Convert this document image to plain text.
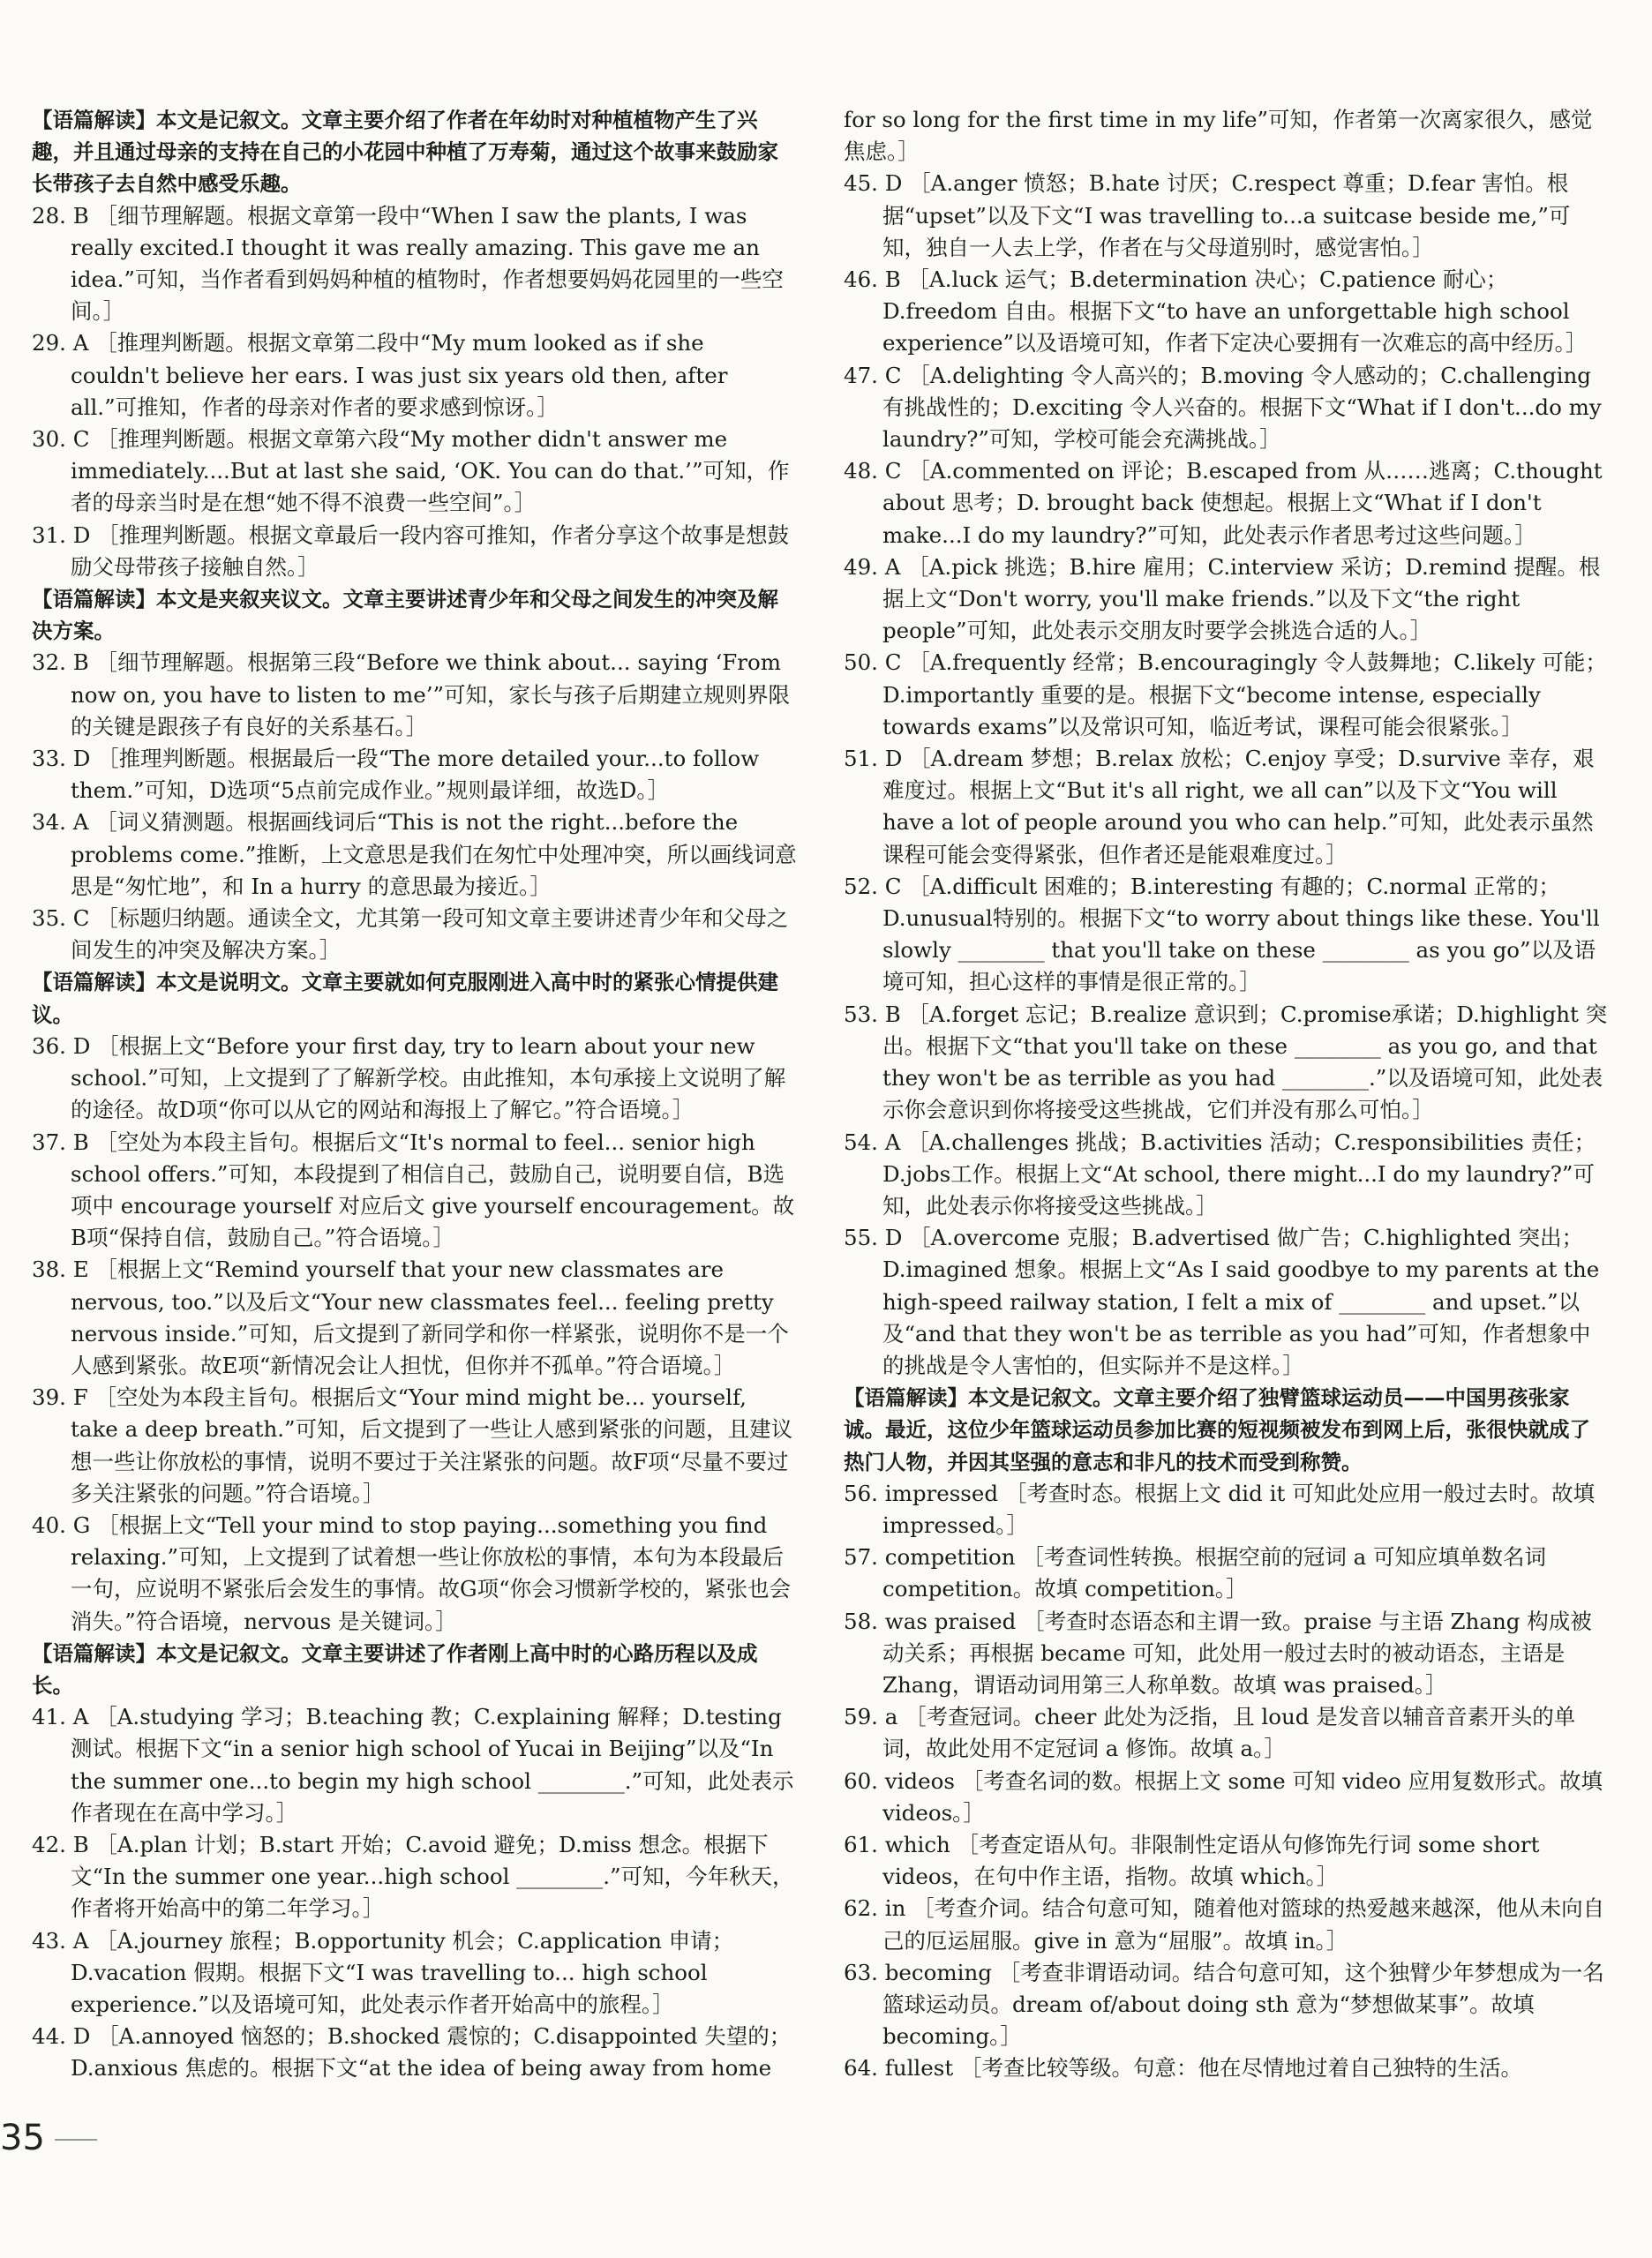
【语篇解读】本文是记叙文。文章主要介绍了作者在年幼时对种植植物产生了兴趣，并且通过母亲的支持在自己的小花园中种植了万寿菊，通过这个故事来鼓励家长带孩子去自然中感受乐趣。

28. B ［细节理解题。根据文章第一段中“When I saw the plants, I was really excited.I thought it was really amazing. This gave me an idea.”可知，当作者看到妈妈种植的植物时，作者想要妈妈花园里的一些空间。］

29. A ［推理判断题。根据文章第二段中“My mum looked as if she couldn't believe her ears. I was just six years old then, after all.”可推知，作者的母亲对作者的要求感到惊讶。］

30. C ［推理判断题。根据文章第六段“My mother didn't answer me immediately....But at last she said, ‘OK. You can do that.’”可知，作者的母亲当时是在想“她不得不浪费一些空间”。］

31. D ［推理判断题。根据文章最后一段内容可推知，作者分享这个故事是想鼓励父母带孩子接触自然。］

【语篇解读】本文是夹叙夹议文。文章主要讲述青少年和父母之间发生的冲突及解决方案。

32. B ［细节理解题。根据第三段“Before we think about... saying ‘From now on, you have to listen to me’”可知，家长与孩子后期建立规则界限的关键是跟孩子有良好的关系基石。］

33. D ［推理判断题。根据最后一段“The more detailed your...to follow them.”可知，D选项“5点前完成作业。”规则最详细，故选D。］

34. A ［词义猜测题。根据画线词后“This is not the right...before the problems come.”推断，上文意思是我们在匆忙中处理冲突，所以画线词意思是“匆忙地”，和 In a hurry 的意思最为接近。］

35. C ［标题归纳题。通读全文，尤其第一段可知文章主要讲述青少年和父母之间发生的冲突及解决方案。］

【语篇解读】本文是说明文。文章主要就如何克服刚进入高中时的紧张心情提供建议。

36. D ［根据上文“Before your first day, try to learn about your new school.”可知，上文提到了了解新学校。由此推知，本句承接上文说明了解的途径。故D项“你可以从它的网站和海报上了解它。”符合语境。］

37. B ［空处为本段主旨句。根据后文“It's normal to feel... senior high school offers.”可知，本段提到了相信自己，鼓励自己，说明要自信，B选项中 encourage yourself 对应后文 give yourself encouragement。故B项“保持自信，鼓励自己。”符合语境。］

38. E ［根据上文“Remind yourself that your new classmates are nervous, too.”以及后文“Your new classmates feel... feeling pretty nervous inside.”可知，后文提到了新同学和你一样紧张，说明你不是一个人感到紧张。故E项“新情况会让人担忧，但你并不孤单。”符合语境。］

39. F ［空处为本段主旨句。根据后文“Your mind might be... yourself, take a deep breath.”可知，后文提到了一些让人感到紧张的问题，且建议想一些让你放松的事情，说明不要过于关注紧张的问题。故F项“尽量不要过多关注紧张的问题。”符合语境。］

40. G ［根据上文“Tell your mind to stop paying...something you find relaxing.”可知，上文提到了试着想一些让你放松的事情，本句为本段最后一句，应说明不紧张后会发生的事情。故G项“你会习惯新学校的，紧张也会消失。”符合语境，nervous 是关键词。］

【语篇解读】本文是记叙文。文章主要讲述了作者刚上高中时的心路历程以及成长。

41. A ［A.studying 学习；B.teaching 教；C.explaining 解释；D.testing 测试。根据下文“in a senior high school of Yucai in Beijing”以及“In the summer one...to begin my high school ________.”可知，此处表示作者现在在高中学习。］

42. B ［A.plan 计划；B.start 开始；C.avoid 避免；D.miss 想念。根据下文“In the summer one year...high school ________.”可知，今年秋天，作者将开始高中的第二年学习。］

43. A ［A.journey 旅程；B.opportunity 机会；C.application 申请；D.vacation 假期。根据下文“I was travelling to... high school experience.”以及语境可知，此处表示作者开始高中的旅程。］

44. D ［A.annoyed 恼怒的；B.shocked 震惊的；C.disappointed 失望的；D.anxious 焦虑的。根据下文“at the idea of being away from home

for so long for the first time in my life”可知，作者第一次离家很久，感觉焦虑。］

45. D ［A.anger 愤怒；B.hate 讨厌；C.respect 尊重；D.fear 害怕。根据“upset”以及下文“I was travelling to...a suitcase beside me,”可知，独自一人去上学，作者在与父母道别时，感觉害怕。］

46. B ［A.luck 运气；B.determination 决心；C.patience 耐心；D.freedom 自由。根据下文“to have an unforgettable high school experience”以及语境可知，作者下定决心要拥有一次难忘的高中经历。］

47. C ［A.delighting 令人高兴的；B.moving 令人感动的；C.challenging 有挑战性的；D.exciting 令人兴奋的。根据下文“What if I don't...do my laundry?”可知，学校可能会充满挑战。］

48. C ［A.commented on 评论；B.escaped from 从……逃离；C.thought about 思考；D. brought back 使想起。根据上文“What if I don't make...I do my laundry?”可知，此处表示作者思考过这些问题。］

49. A ［A.pick 挑选；B.hire 雇用；C.interview 采访；D.remind 提醒。根据上文“Don't worry, you'll make friends.”以及下文“the right people”可知，此处表示交朋友时要学会挑选合适的人。］

50. C ［A.frequently 经常；B.encouragingly 令人鼓舞地；C.likely 可能；D.importantly 重要的是。根据下文“become intense, especially towards exams”以及常识可知，临近考试，课程可能会很紧张。］

51. D ［A.dream 梦想；B.relax 放松；C.enjoy 享受；D.survive 幸存，艰难度过。根据上文“But it's all right, we all can”以及下文“You will have a lot of people around you who can help.”可知，此处表示虽然课程可能会变得紧张，但作者还是能艰难度过。］

52. C ［A.difficult 困难的；B.interesting 有趣的；C.normal 正常的；D.unusual特别的。根据下文“to worry about things like these. You'll slowly ________ that you'll take on these ________ as you go”以及语境可知，担心这样的事情是很正常的。］

53. B ［A.forget 忘记；B.realize 意识到；C.promise承诺；D.highlight 突出。根据下文“that you'll take on these ________ as you go, and that they won't be as terrible as you had ________.”以及语境可知，此处表示你会意识到你将接受这些挑战，它们并没有那么可怕。］

54. A ［A.challenges 挑战；B.activities 活动；C.responsibilities 责任；D.jobs工作。根据上文“At school, there might...I do my laundry?”可知，此处表示你将接受这些挑战。］

55. D ［A.overcome 克服；B.advertised 做广告；C.highlighted 突出；D.imagined 想象。根据上文“As I said goodbye to my parents at the high-speed railway station, I felt a mix of ________ and upset.”以及“and that they won't be as terrible as you had”可知，作者想象中的挑战是令人害怕的，但实际并不是这样。］

【语篇解读】本文是记叙文。文章主要介绍了独臂篮球运动员——中国男孩张家诚。最近，这位少年篮球运动员参加比赛的短视频被发布到网上后，张很快就成了热门人物，并因其坚强的意志和非凡的技术而受到称赞。

56. impressed ［考查时态。根据上文 did it 可知此处应用一般过去时。故填 impressed。］

57. competition ［考查词性转换。根据空前的冠词 a 可知应填单数名词 competition。故填 competition。］

58. was praised ［考查时态语态和主谓一致。praise 与主语 Zhang 构成被动关系；再根据 became 可知，此处用一般过去时的被动语态，主语是 Zhang，谓语动词用第三人称单数。故填 was praised。］

59. a ［考查冠词。cheer 此处为泛指，且 loud 是发音以辅音音素开头的单词，故此处用不定冠词 a 修饰。故填 a。］

60. videos ［考查名词的数。根据上文 some 可知 video 应用复数形式。故填 videos。］

61. which ［考查定语从句。非限制性定语从句修饰先行词 some short videos，在句中作主语，指物。故填 which。］

62. in ［考查介词。结合句意可知，随着他对篮球的热爱越来越深，他从未向自己的厄运屈服。give in 意为“屈服”。故填 in。］

63. becoming ［考查非谓语动词。结合句意可知，这个独臂少年梦想成为一名篮球运动员。dream of/about doing sth 意为“梦想做某事”。故填 becoming。］

64. fullest ［考查比较等级。句意：他在尽情地过着自己独特的生活。

35
